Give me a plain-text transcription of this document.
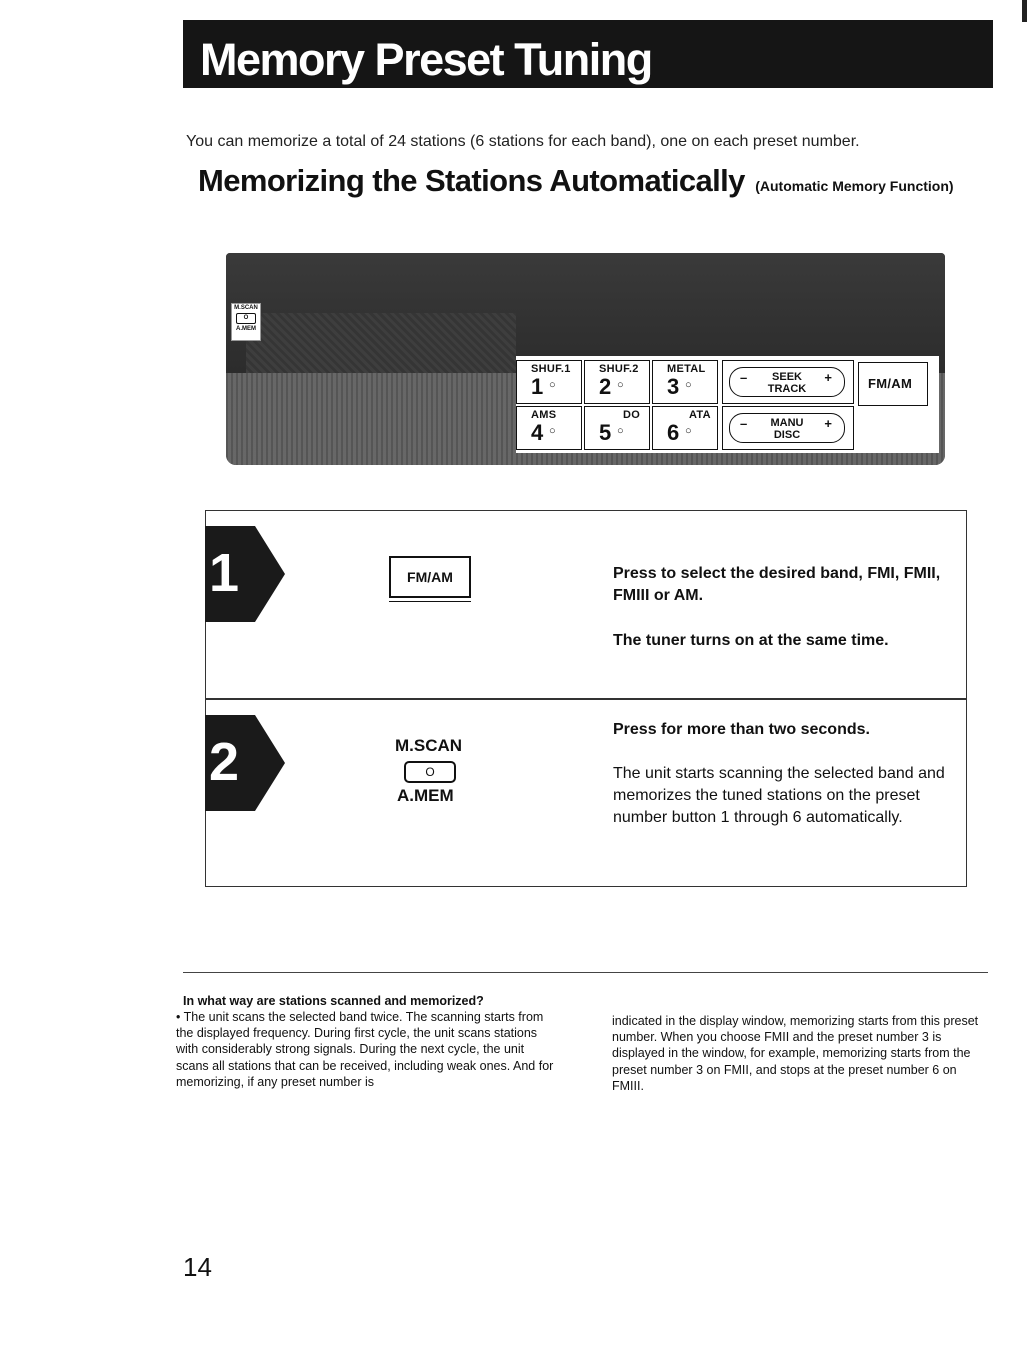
Memory Preset Tuning
You can memorize a total of 24 stations (6 stations for each band), one on each preset number.
Memorizing the Stations Automatically (Automatic Memory Function)
M.SCAN
O
A.MEM
SHUF.1
1 ○
SHUF.2
2 ○
METAL
3 ○	–	SEEK
TRACK
+
AMS
4 ○
DO
5 ○
ATA
6 ○	–	MANU
DISC
+
FM/AM
1	FM/AM	Press to select the desired band, FMI, FMII, FMIII or AM.
The tuner turns on at the same time.
2	M.SCAN
O
A.MEM
Press for more than two seconds.
The unit starts scanning the selected band and memorizes the tuned stations on the preset number button 1 through 6 automatically.
In what way are stations scanned and memorized?
• The unit scans the selected band twice. The scanning starts from the displayed frequency. During first cycle, the unit scans stations with considerably strong signals. During the next cycle, the unit scans all stations that can be received, including weak ones. And for memorizing, if any preset number is
indicated in the display window, memorizing starts from this preset number. When you choose FMII and the preset number 3 is displayed in the window, for example, memorizing starts from the preset number 3 on FMII, and stops at the preset number 6 on FMIII.
14
